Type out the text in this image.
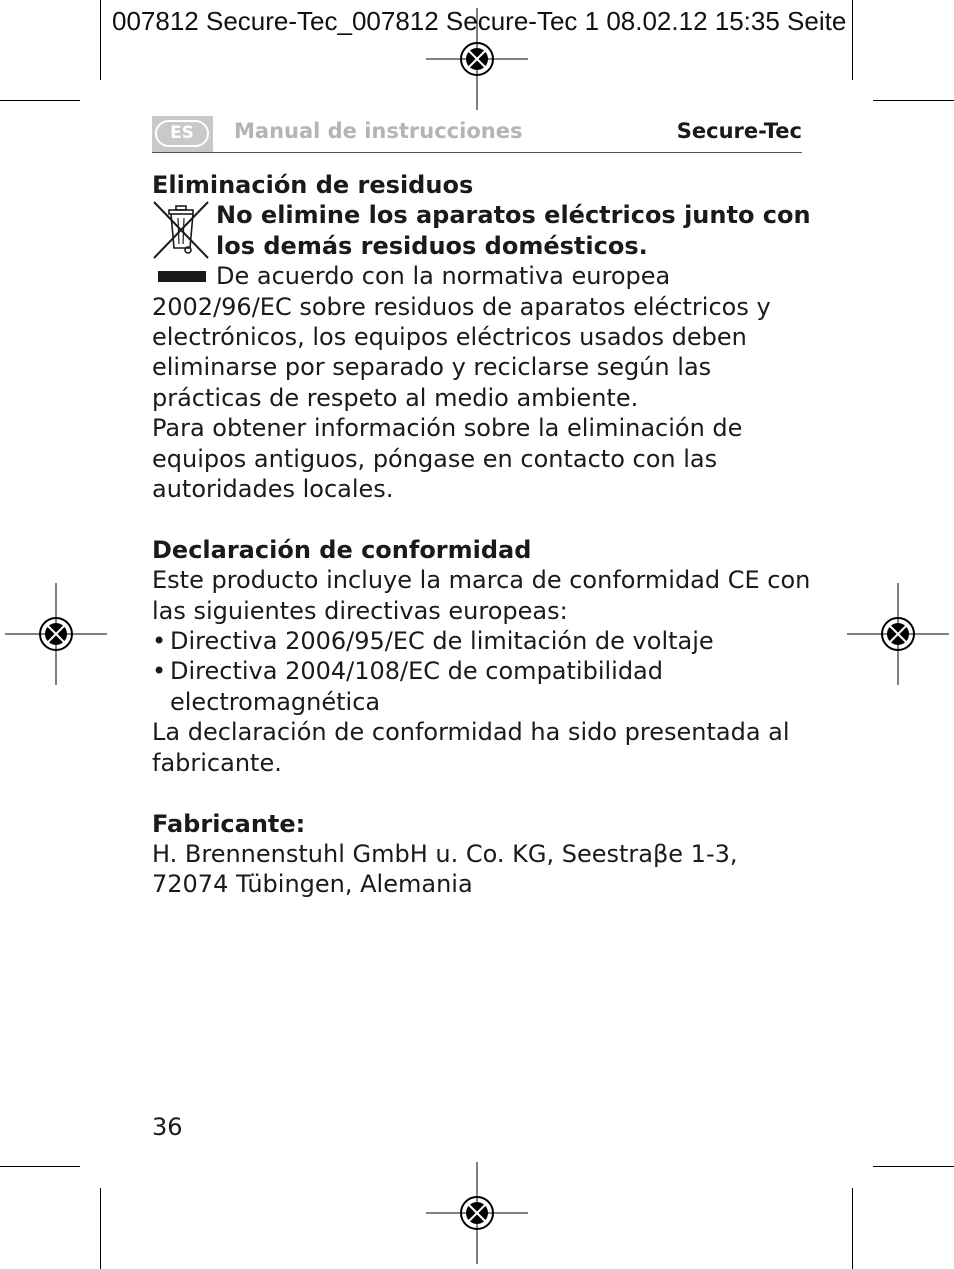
007812 Secure-Tec_007812 Secure-Tec 1 08.02.12 15:35 Seite
ES	Manual de instrucciones	Secure-Tec
Eliminación de residuos
No elimine los aparatos eléctricos junto con los demás residuos domésticos.
De acuerdo con la normativa europea

2002/96/EC sobre residuos de aparatos eléctricos y electrónicos, los equipos eléctricos usados deben eliminarse por separado y reciclarse según las prácticas de respeto al medio ambiente.

Para obtener información sobre la eliminación de equipos antiguos, póngase en contacto con las autoridades locales.

Declaración de conformidad

Este producto incluye la marca de conformidad CE con las siguientes directivas europeas:

• Directiva 2006/95/EC de limitación de voltaje
• Directiva 2004/108/EC de compatibilidad electromagnética

La declaración de conformidad ha sido presentada al fabricante.

Fabricante:
H. Brennenstuhl GmbH u. Co. KG, Seestraβe 1-3,
72074 Tübingen, Alemania
36
